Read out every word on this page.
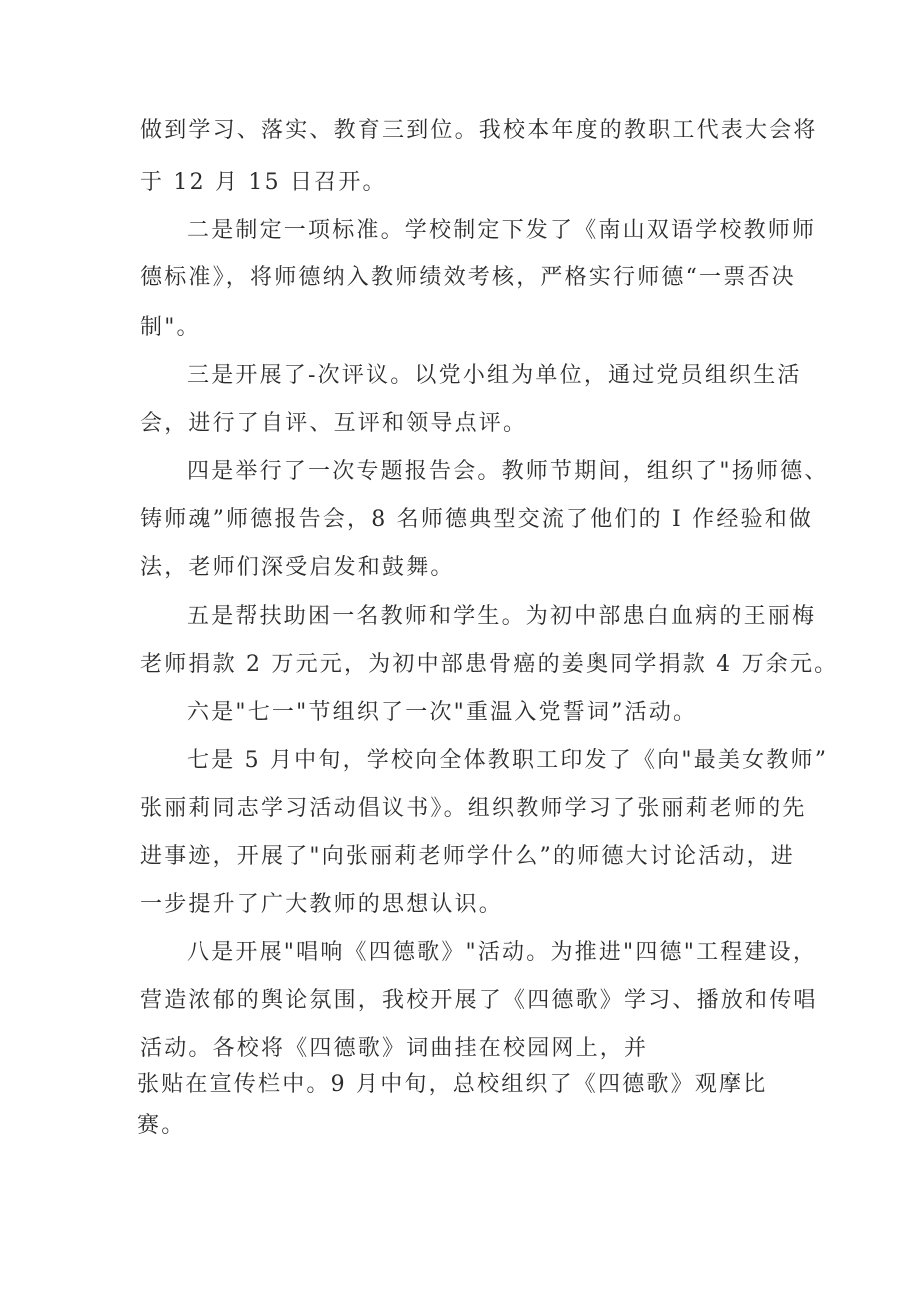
做到学习、落实、教育三到位。我校本年度的教职工代表大会将
于 12 月 15 日召开。
二是制定一项标准。学校制定下发了《南山双语学校教师师
德标准》，将师德纳入教师绩效考核，严格实行师德“一票否决
制"。
三是开展了-次评议。以党小组为单位，通过党员组织生活
会，进行了自评、互评和领导点评。
四是举行了一次专题报告会。教师节期间，组织了"扬师德、
铸师魂”师德报告会，8 名师德典型交流了他们的 I 作经验和做
法，老师们深受启发和鼓舞。
五是帮扶助困一名教师和学生。为初中部患白血病的王丽梅
老师捐款 2 万元元，为初中部患骨癌的姜奥同学捐款 4 万余元。
六是"七一"节组织了一次"重温入党誓词”活动。
七是 5 月中旬，学校向全体教职工印发了《向"最美女教师”
张丽莉同志学习活动倡议书》。组织教师学习了张丽莉老师的先
进事迹，开展了"向张丽莉老师学什么”的师德大讨论活动，进
一步提升了广大教师的思想认识。
八是开展"唱响《四德歌》"活动。为推进"四德"工程建设，
营造浓郁的舆论氛围，我校开展了《四德歌》学习、播放和传唱
活动。各校将《四德歌》词曲挂在校园网上，并
张贴在宣传栏中。9 月中旬，总校组织了《四德歌》观摩比
赛。
